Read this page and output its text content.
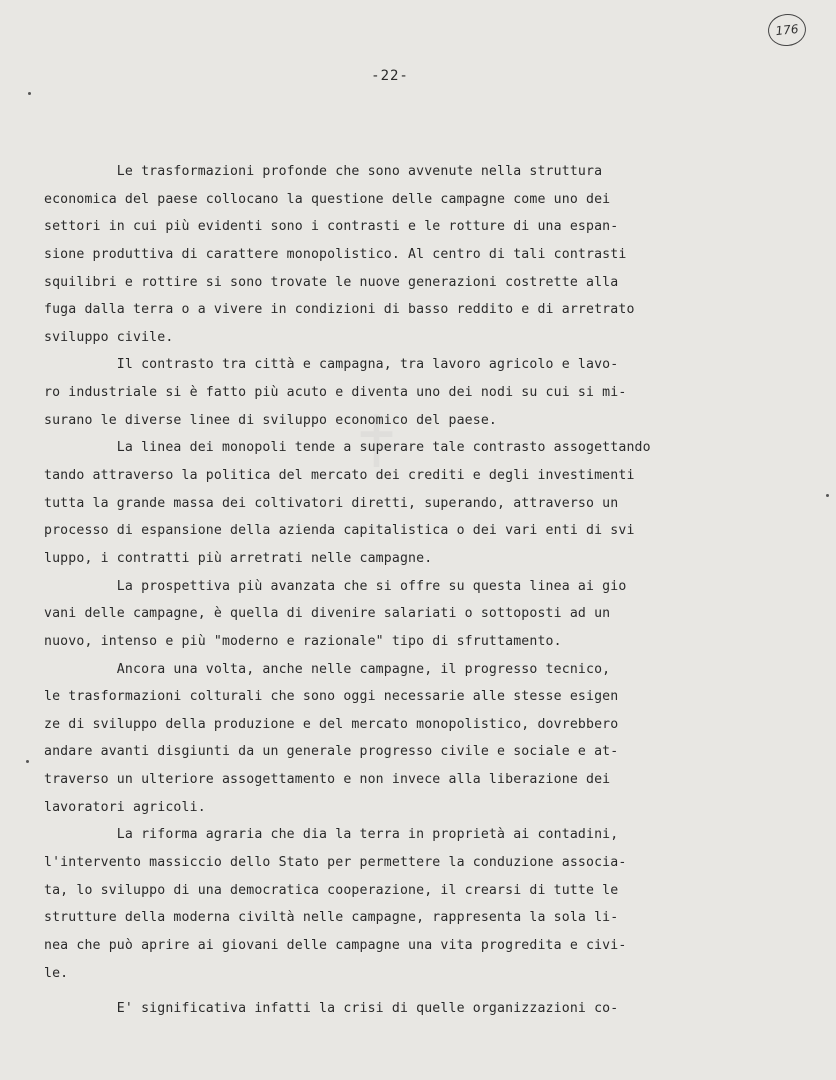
176
-22-
Le trasformazioni profonde che sono avvenute nella struttura
economica del paese collocano la questione delle campagne come uno dei
settori in cui più evidenti sono i contrasti e le rotture di una espan-
sione produttiva di carattere monopolistico. Al centro di tali contrasti
squilibri e rottire si sono trovate le nuove generazioni costrette alla
fuga dalla terra o a vivere in condizioni di basso reddito e di arretrato
sviluppo civile.
Il contrasto tra città e campagna, tra lavoro agricolo e lavo-
ro industriale si è fatto più acuto e diventa uno dei nodi su cui si mi-
surano le diverse linee di sviluppo economico del paese.
La linea dei monopoli tende a superare tale contrasto assogettando
tando attraverso la politica del mercato dei crediti e degli investimenti
tutta la grande massa dei coltivatori diretti, superando, attraverso un
processo di espansione della azienda capitalistica o dei vari enti di svi
luppo, i contratti più arretrati nelle campagne.
La prospettiva più avanzata che si offre su questa linea ai gio
vani delle campagne, è quella di divenire salariati o sottoposti ad un
nuovo, intenso e più "moderno e razionale" tipo di sfruttamento.
Ancora una volta, anche nelle campagne, il progresso tecnico,
le trasformazioni colturali che sono oggi necessarie alle stesse esigen
ze di sviluppo della produzione e del mercato monopolistico, dovrebbero
andare avanti disgiunti da un generale progresso civile e sociale e at-
traverso un ulteriore assogettamento e non invece alla liberazione dei
lavoratori agricoli.
La riforma agraria che dia la terra in proprietà ai contadini,
l'intervento massiccio dello Stato per permettere la conduzione associa-
ta, lo sviluppo di una democratica cooperazione, il crearsi di tutte le
strutture della moderna civiltà nelle campagne, rappresenta la sola li-
nea che può aprire ai giovani delle campagne una vita progredita e civi-
le.
E' significativa infatti la crisi di quelle organizzazioni co-
